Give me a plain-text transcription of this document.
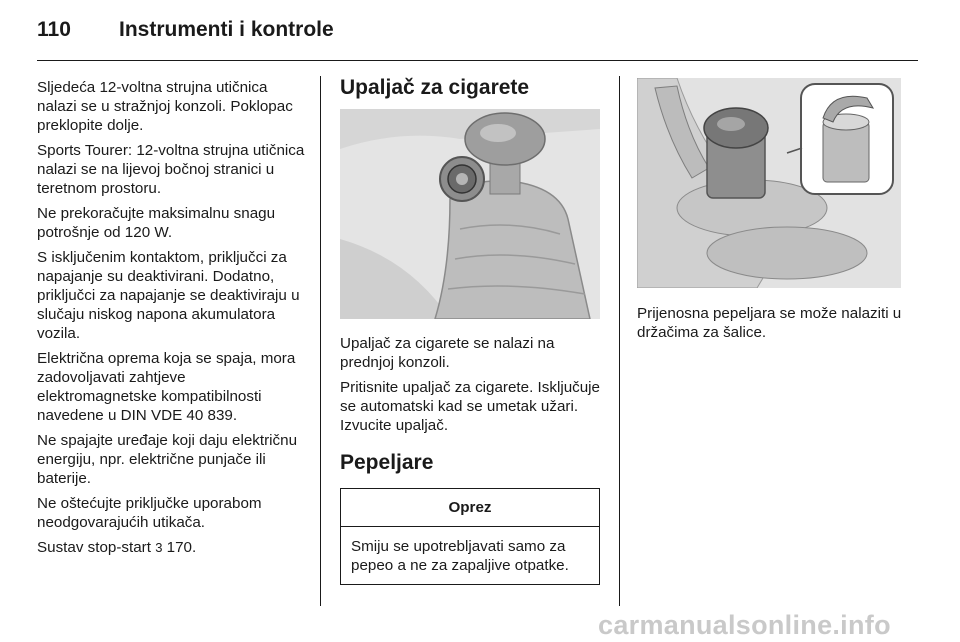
110 Instrumenti i kontrole

Sljedeća 12-voltna strujna utičnica nalazi se u stražnjoj konzoli. Poklopac preklopite dolje.

Sports Tourer: 12-voltna strujna utičnica nalazi se na lijevoj bočnoj stranici u teretnom prostoru.

Ne prekoračujte maksimalnu snagu potrošnje od 120 W.

S isključenim kontaktom, priključci za napajanje su deaktivirani. Dodatno, priključci za napajanje se deaktiviraju u slučaju niskog napona akumulatora vozila.

Električna oprema koja se spaja, mora zadovoljavati zahtjeve elektromagnetske kompatibilnosti navedene u DIN VDE 40 839.

Ne spajajte uređaje koji daju električnu energiju, npr. električne punjače ili baterije.

Ne oštećujte priključke uporabom neodgovarajućih utikača.

Sustav stop-start 3 170.

Upaljač za cigarete

Upaljač za cigarete se nalazi na prednjoj konzoli.

Pritisnite upaljač za cigarete. Isključuje se automatski kad se umetak užari. Izvucite upaljač.

Pepeljare
Oprez
Smiju se upotrebljavati samo za pepeo a ne za zapaljive otpatke.

Prijenosna pepeljara se može nalaziti u držačima za šalice.

carmanualsonline.info
